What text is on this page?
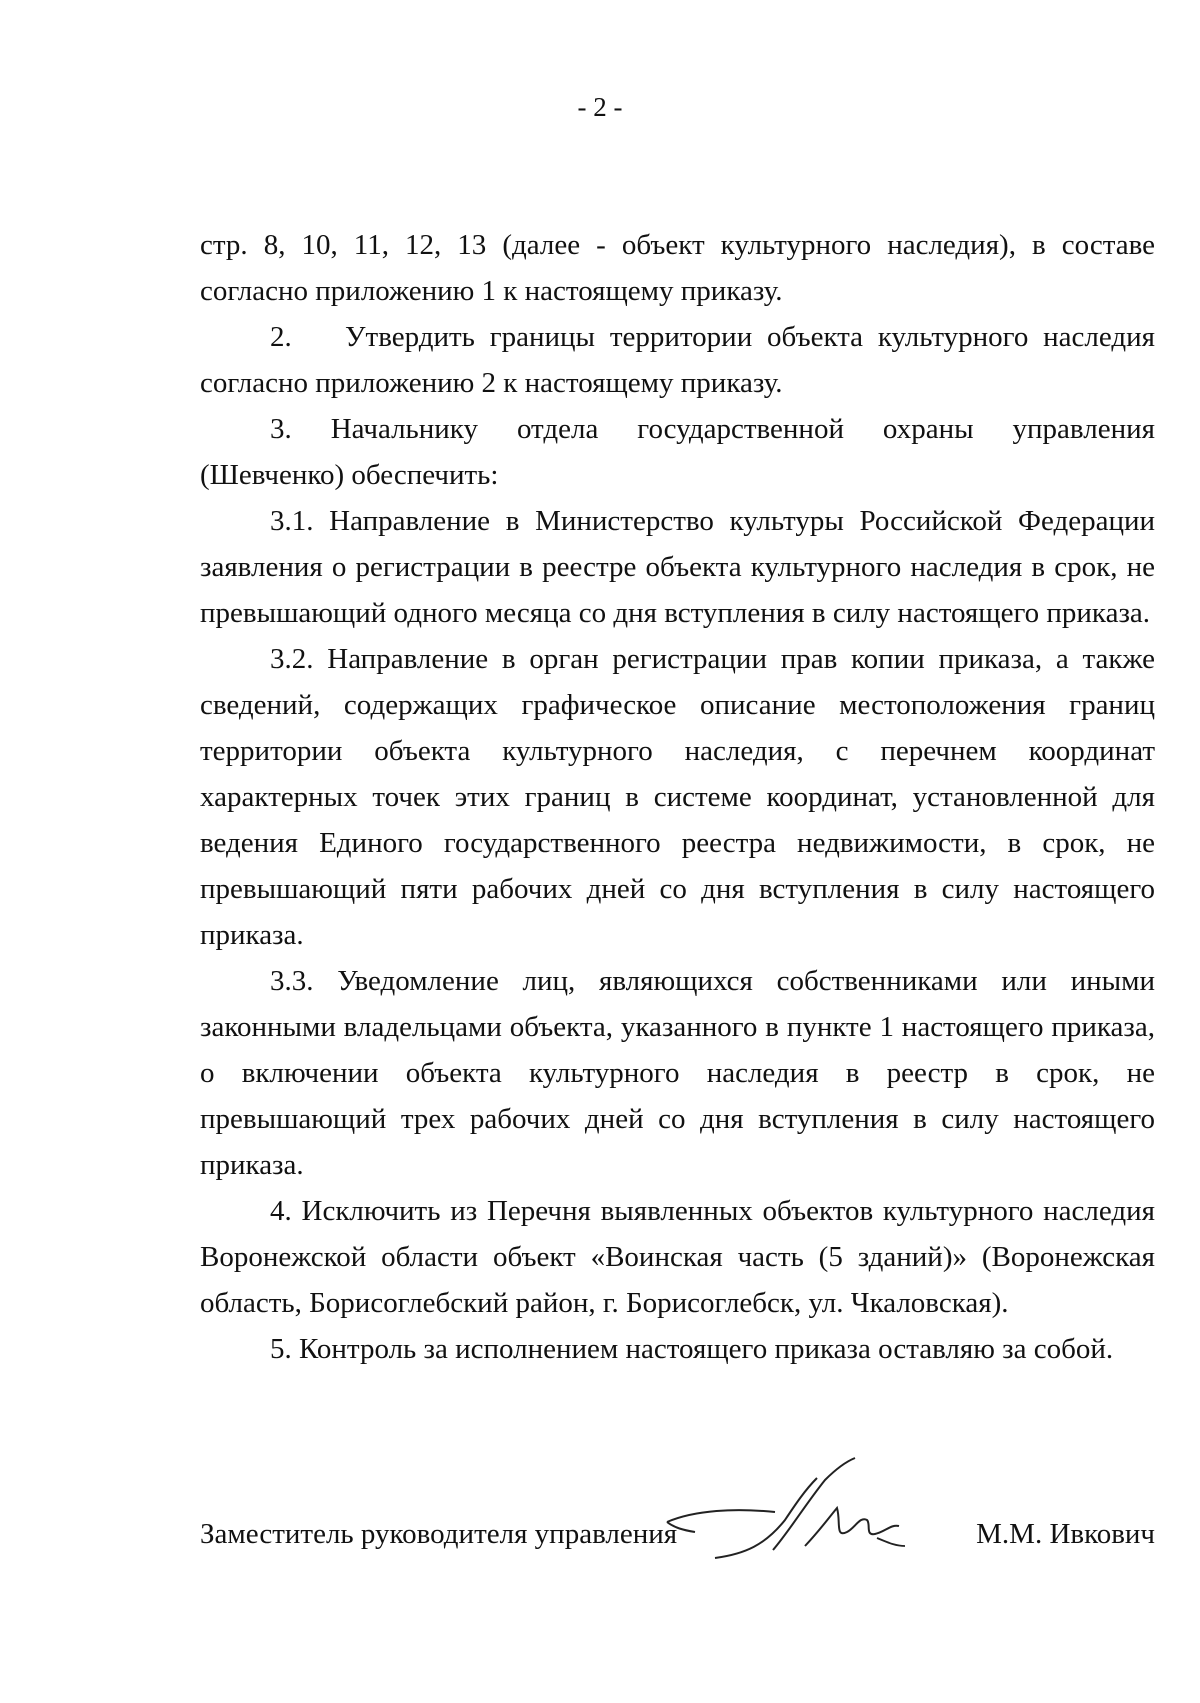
- 2 -

стр. 8, 10, 11, 12, 13 (далее - объект культурного наследия), в составе

согласно приложению 1 к настоящему приказу.

2.	Утвердить границы территории объекта культурного наследия

согласно приложению 2 к настоящему приказу.

3. Начальнику отдела государственной охраны управления

(Шевченко) обеспечить:

3.1. Направление в Министерство культуры Российской Федерации заявления о регистрации в реестре объекта культурного наследия в срок, не превышающий одного месяца со дня вступления в силу настоящего приказа.

3.2. Направление в орган регистрации прав копии приказа, а также сведений, содержащих графическое описание местоположения границ территории объекта культурного наследия, с перечнем координат характерных точек этих границ в системе координат, установленной для ведения Единого государственного реестра недвижимости, в срок, не превышающий пяти рабочих дней со дня вступления в силу настоящего приказа.

3.3. Уведомление лиц, являющихся собственниками или иными законными владельцами объекта, указанного в пункте 1 настоящего приказа, о включении объекта культурного наследия в реестр в срок, не превышающий трех рабочих дней со дня вступления в силу настоящего приказа.

4. Исключить из Перечня выявленных объектов культурного наследия Воронежской области объект «Воинская часть (5 зданий)» (Воронежская область, Борисоглебский район, г. Борисоглебск, ул. Чкаловская).

5. Контроль за исполнением настоящего приказа оставляю за собой.

Заместитель руководителя управления	М.М. Ивкович
